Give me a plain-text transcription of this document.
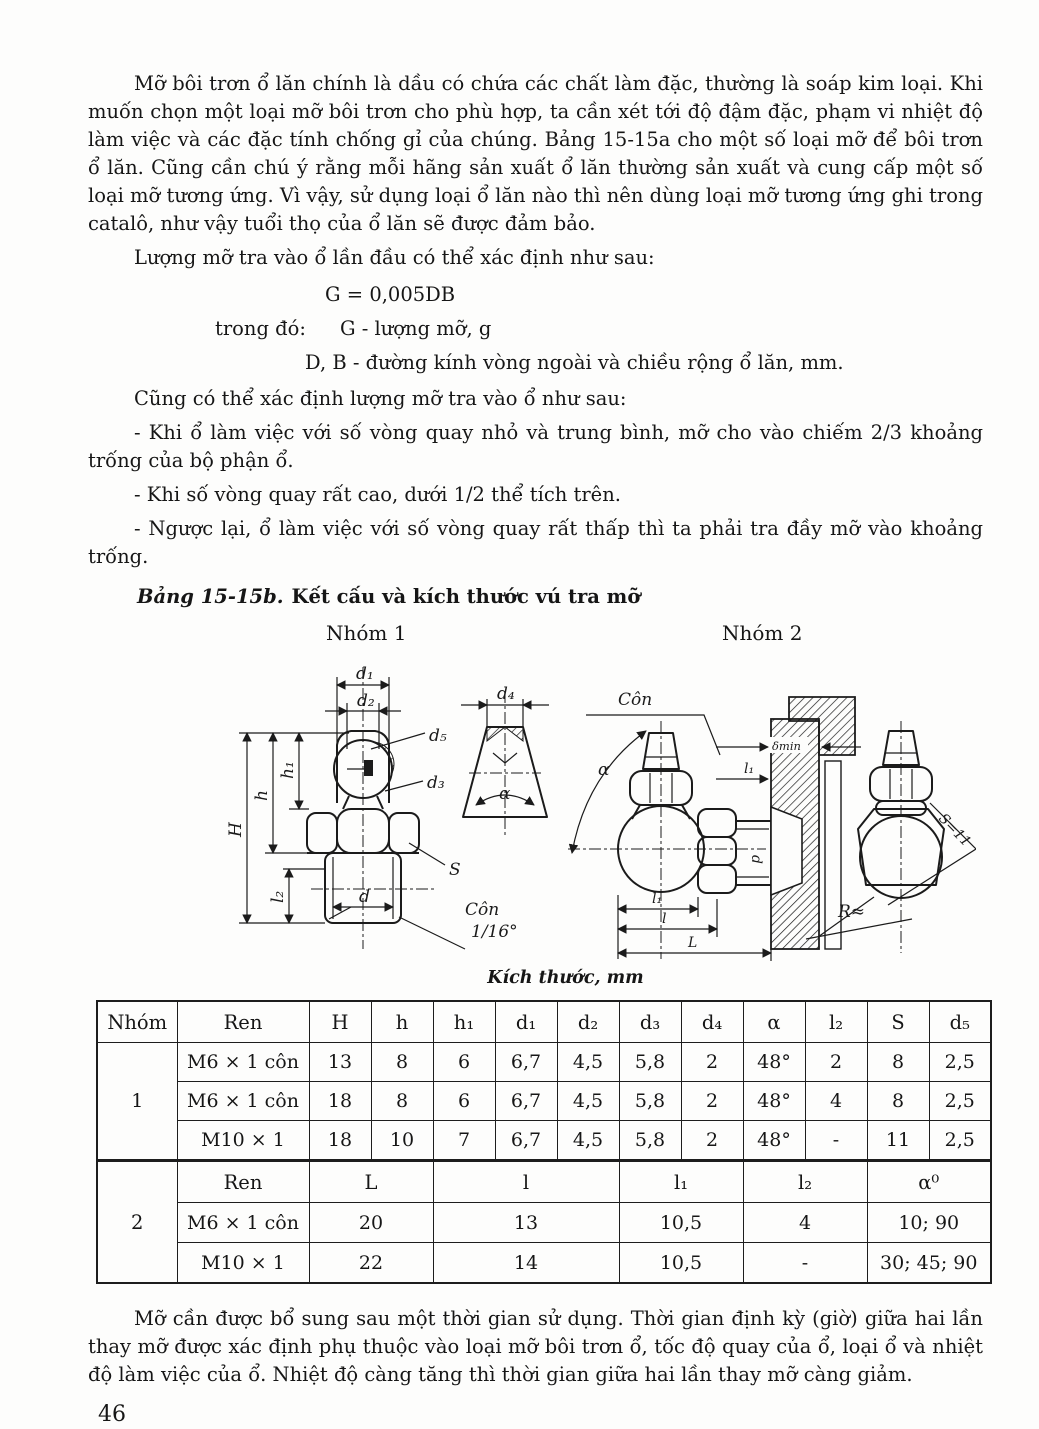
Mỡ bôi trơn ổ lăn chính là dầu có chứa các chất làm đặc, thường là soáp kim loại. Khi muốn chọn một loại mỡ bôi trơn cho phù hợp, ta cần xét tới độ đậm đặc, phạm vi nhiệt độ làm việc và các đặc tính chống gỉ của chúng. Bảng 15-15a cho một số loại mỡ để bôi trơn ổ lăn. Cũng cần chú ý rằng mỗi hãng sản xuất ổ lăn thường sản xuất và cung cấp một số loại mỡ tương ứng. Vì vậy, sử dụng loại ổ lăn nào thì nên dùng loại mỡ tương ứng ghi trong catalô, như vậy tuổi thọ của ổ lăn sẽ được đảm bảo.

Lượng mỡ tra vào ổ lần đầu có thể xác định như sau:

G = 0,005DB

trong đó: G - lượng mỡ, g

D, B - đường kính vòng ngoài và chiều rộng ổ lăn, mm.

Cũng có thể xác định lượng mỡ tra vào ổ như sau:

- Khi ổ làm việc với số vòng quay nhỏ và trung bình, mỡ cho vào chiếm 2/3 khoảng trống của bộ phận ổ.

- Khi số vòng quay rất cao, dưới 1/2 thể tích trên.

- Ngược lại, ổ làm việc với số vòng quay rất thấp thì ta phải tra đầy mỡ vào khoảng trống.

Bảng 15-15b. Kết cấu và kích thước vú tra mỡ

Nhóm 1	Nhóm 2
d₁
d₂
d
h₁
h
H
l₂
d₅
d₃
S
Côn
1/16°
d₄
α
Côn
δmin
l₁
d
α
l₁
l
L
S=11
R≈

Kích thước, mm

Nhóm	Ren	H	h	h₁	d₁	d₂	d₃	d₄	α	l₂	S	d₅
1	M6 × 1 côn	13	8	6	6,7	4,5	5,8	2	48°	2	8	2,5
	M6 × 1 côn	18	8	6	6,7	4,5	5,8	2	48°	4	8	2,5
	M10 × 1	18	10	7	6,7	4,5	5,8	2	48°	-	11	2,5
2	Ren	L		l			l₁		l₂		α⁰	
	M6 × 1 côn	20		13			10,5		4		10; 90	
	M10 × 1	22		14			10,5		-		30; 45; 90	

Mỡ cần được bổ sung sau một thời gian sử dụng. Thời gian định kỳ (giờ) giữa hai lần thay mỡ được xác định phụ thuộc vào loại mỡ bôi trơn ổ, tốc độ quay của ổ, loại ổ và nhiệt độ làm việc của ổ. Nhiệt độ càng tăng thì thời gian giữa hai lần thay mỡ càng giảm.

46
